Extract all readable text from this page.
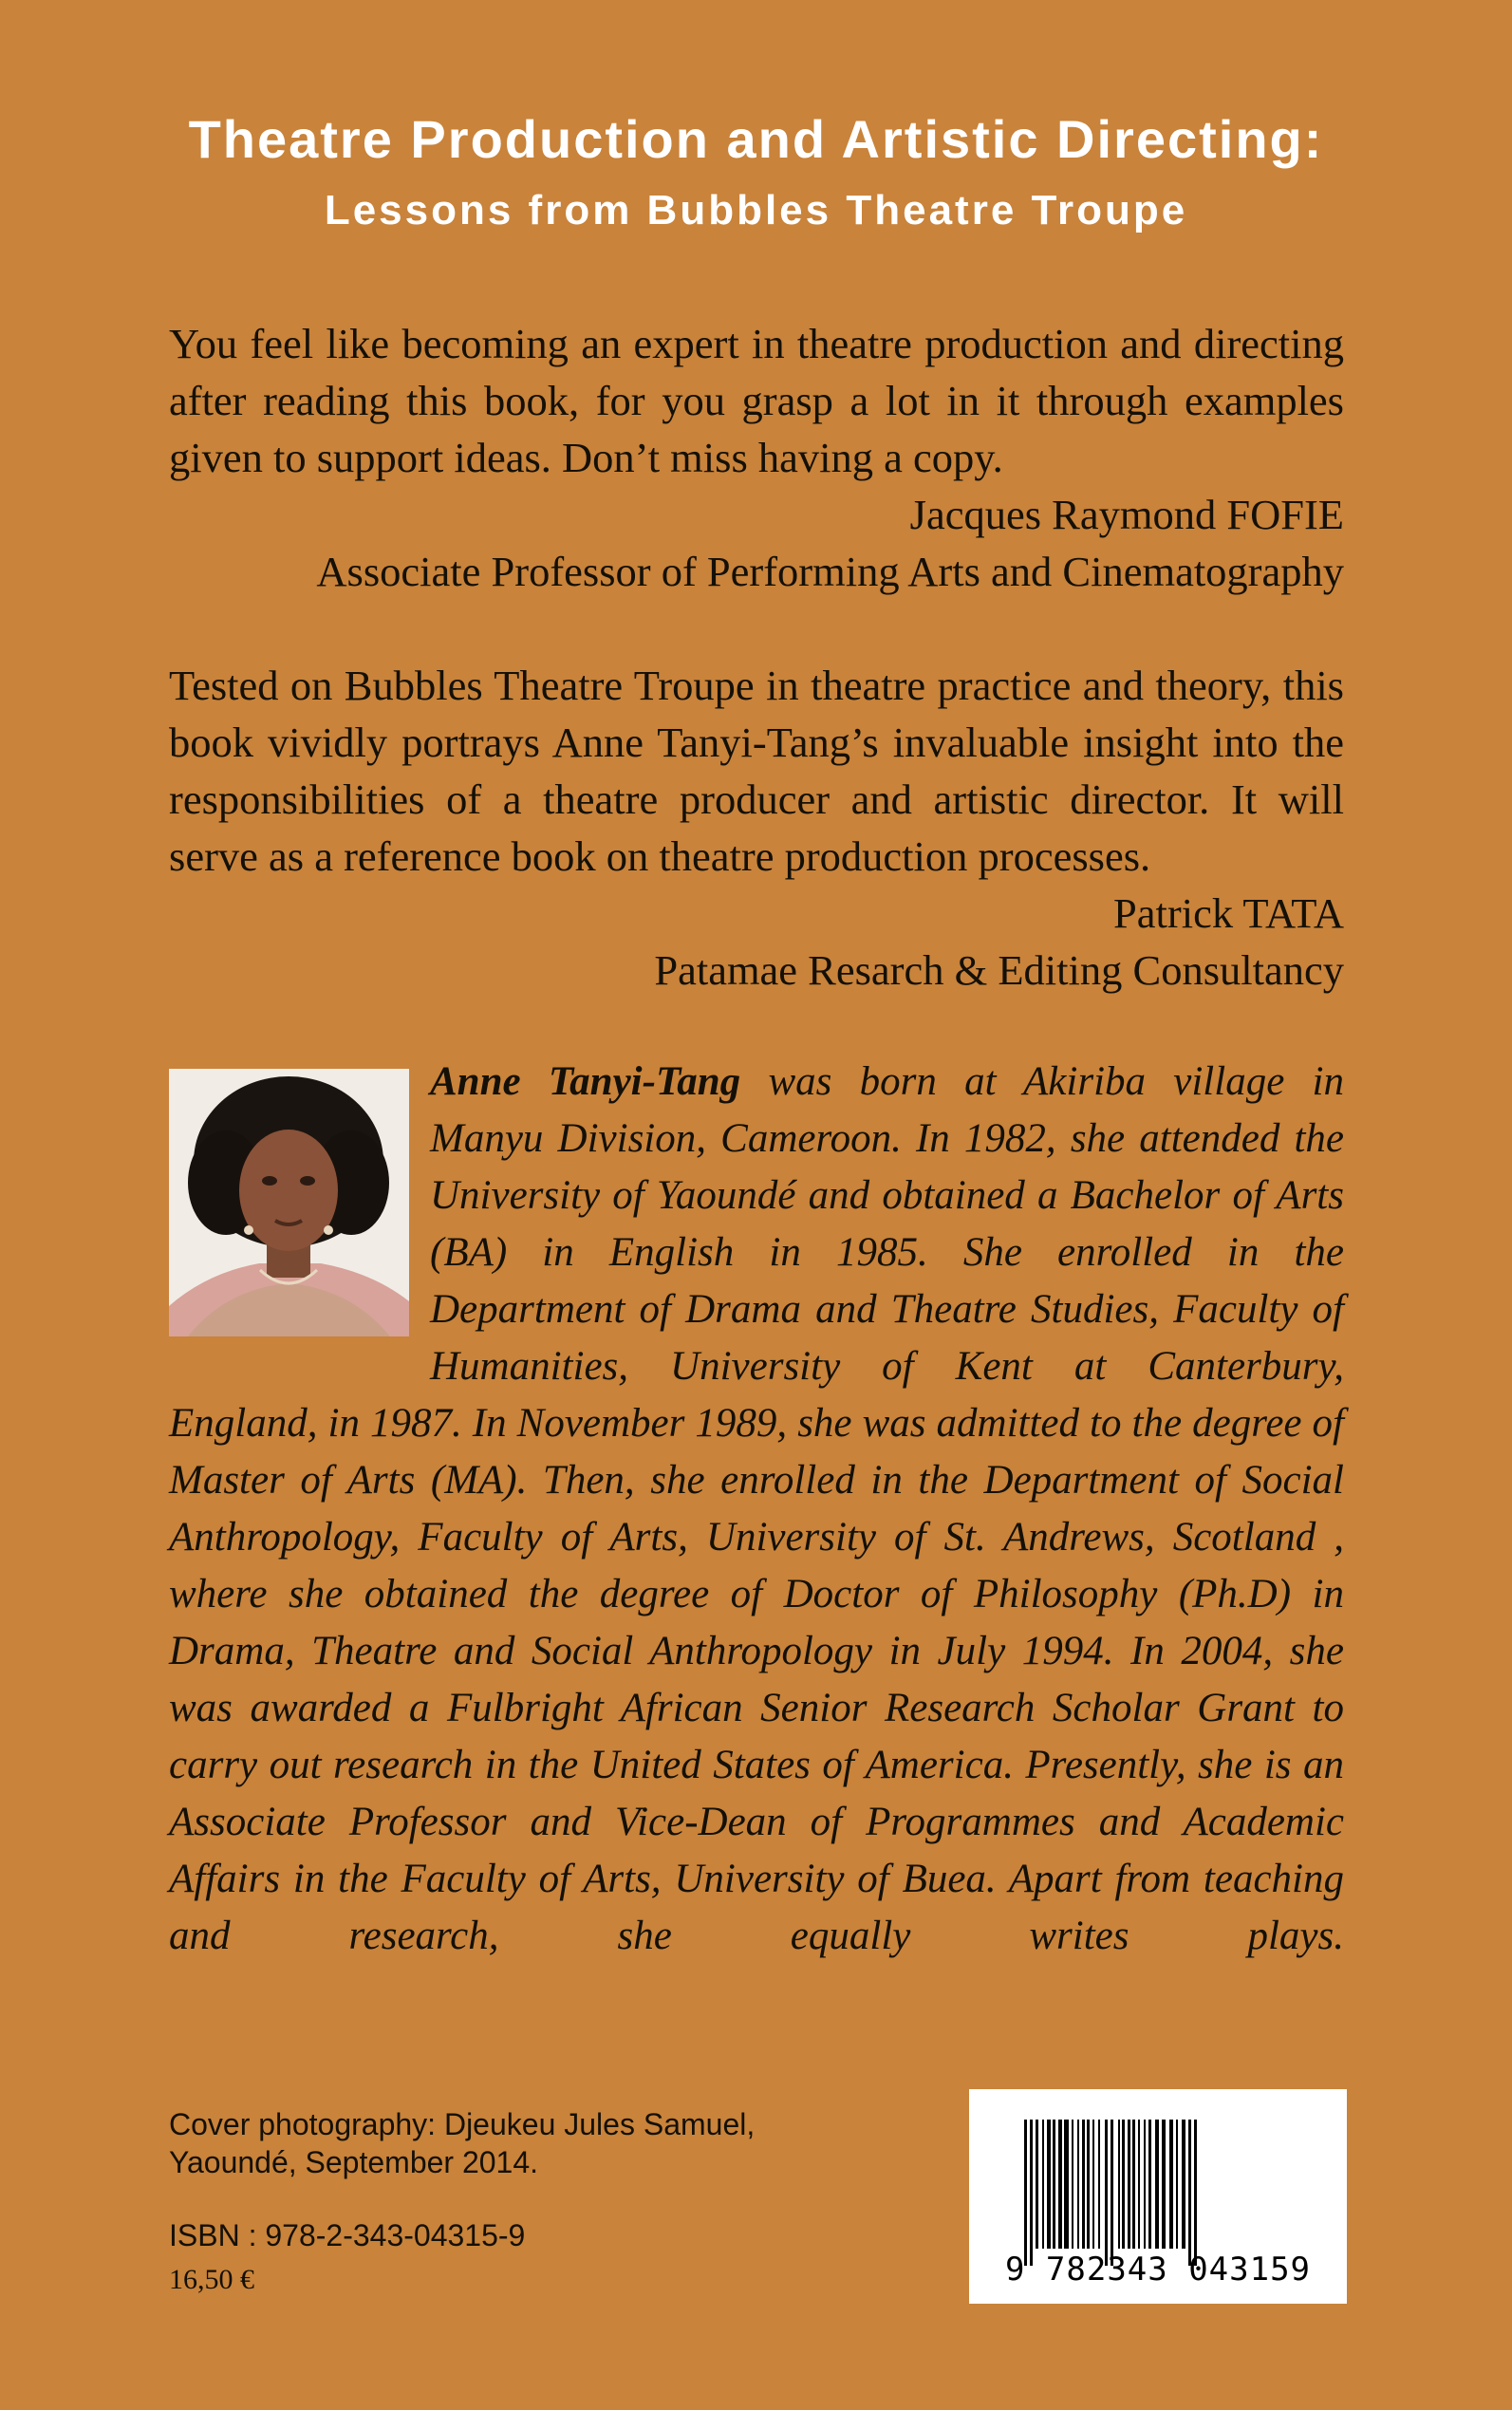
Theatre Production and Artistic Directing:
Lessons from Bubbles Theatre Troupe

You feel like becoming an expert in theatre production and directing after reading this book, for you grasp a lot in it through examples given to support ideas. Don’t miss having a copy.

Jacques Raymond FOFIE

Associate Professor of Performing Arts and Cinematography

Tested on Bubbles Theatre Troupe in theatre practice and theory, this book vividly portrays Anne Tanyi-Tang’s invaluable insight into the responsibilities of a theatre producer and artistic director. It will serve as a reference book on theatre production processes.

Patrick TATA

Patamae Resarch & Editing Consultancy

Anne Tanyi-Tang was born at Akiriba village in Manyu Division, Cameroon. In 1982, she attended the University of Yaoundé and obtained a Bachelor of Arts (BA) in English in 1985. She enrolled in the Department of Drama and Theatre Studies, Faculty of Humanities, University of Kent at Canterbury, England, in 1987. In November 1989, she was admitted to the degree of Master of Arts (MA). Then, she enrolled in the Department of Social Anthropology, Faculty of Arts, University of St. Andrews, Scotland , where she obtained the degree of Doctor of Philosophy (Ph.D) in Drama, Theatre and Social Anthropology in July 1994. In 2004, she was awarded a Fulbright African Senior Research Scholar Grant to carry out research in the United States of America. Presently, she is an Associate Professor and Vice-Dean of Programmes and Academic Affairs in the Faculty of Arts, University of Buea. Apart from teaching and research, she equally writes plays.

Cover photography: Djeukeu Jules Samuel,
Yaoundé, September 2014.

ISBN : 978-2-343-04315-9

16,50 €	9 782343 043159
